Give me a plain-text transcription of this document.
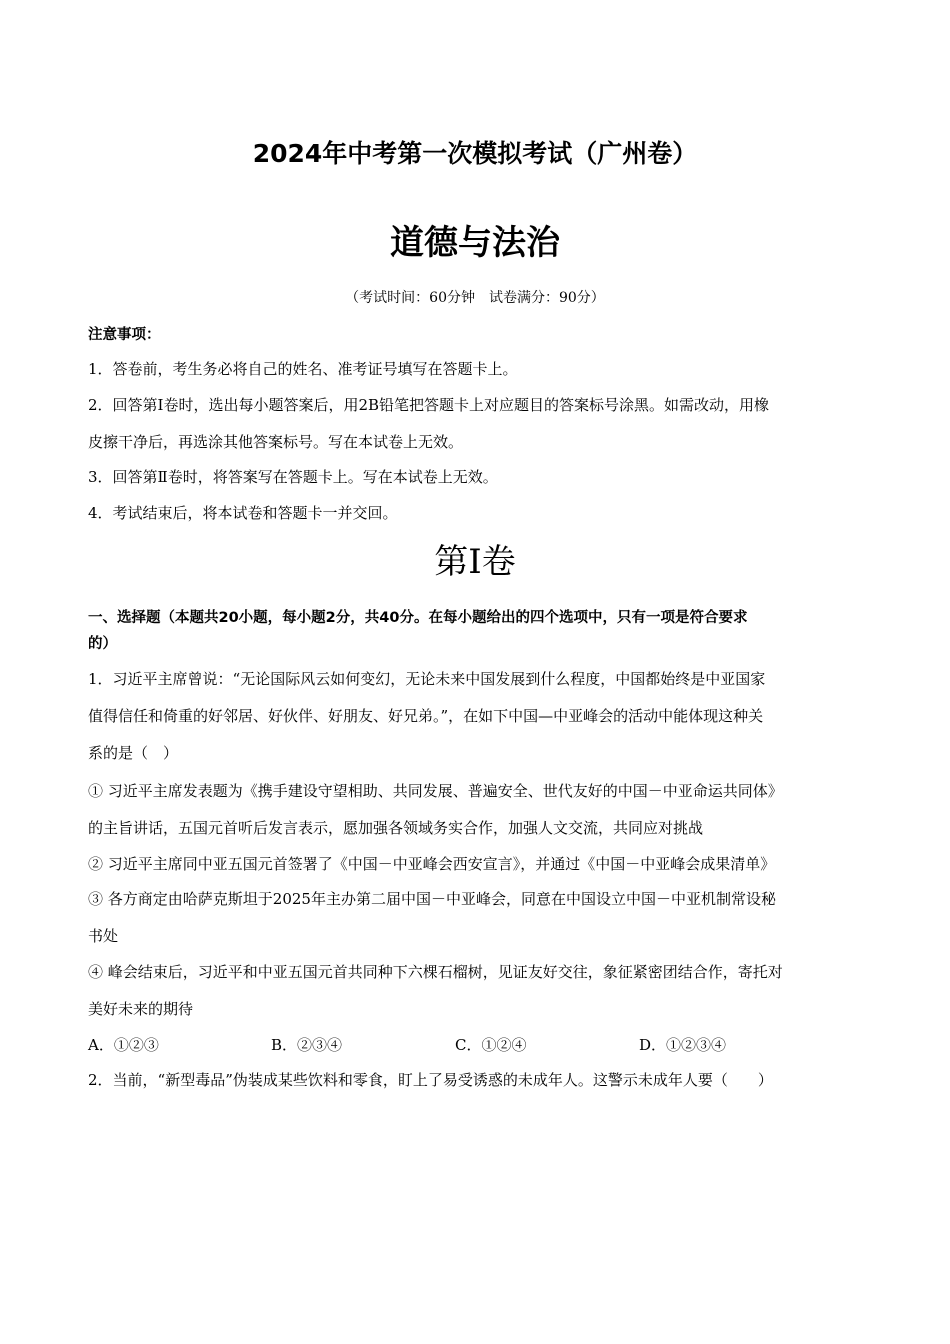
2024年中考第一次模拟考试（广州卷）
道德与法治
（考试时间：60分钟　试卷满分：90分）
注意事项：
1．答卷前，考生务必将自己的姓名、准考证号填写在答题卡上。
2．回答第Ⅰ卷时，选出每小题答案后，用2B铅笔把答题卡上对应题目的答案标号涂黑。如需改动，用橡
皮擦干净后，再选涂其他答案标号。写在本试卷上无效。
3．回答第Ⅱ卷时，将答案写在答题卡上。写在本试卷上无效。
4．考试结束后，将本试卷和答题卡一并交回。
第Ⅰ卷
一、选择题（本题共20小题，每小题2分，共40分。在每小题给出的四个选项中，只有一项是符合要求
的）
1．习近平主席曾说：“无论国际风云如何变幻，无论未来中国发展到什么程度，中国都始终是中亚国家
值得信任和倚重的好邻居、好伙伴、好朋友、好兄弟。”，在如下中国—中亚峰会的活动中能体现这种关
系的是（　）
① 习近平主席发表题为《携手建设守望相助、共同发展、普遍安全、世代友好的中国－中亚命运共同体》
的主旨讲话，五国元首听后发言表示，愿加强各领域务实合作，加强人文交流，共同应对挑战
② 习近平主席同中亚五国元首签署了《中国－中亚峰会西安宣言》，并通过《中国－中亚峰会成果清单》
③ 各方商定由哈萨克斯坦于2025年主办第二届中国－中亚峰会，同意在中国设立中国－中亚机制常设秘
书处
④ 峰会结束后，习近平和中亚五国元首共同种下六棵石榴树，见证友好交往，象征紧密团结合作，寄托对
美好未来的期待
A．①②③	B．②③④	C．①②④	D．①②③④
2．当前，“新型毒品”伪装成某些饮料和零食，盯上了易受诱惑的未成年人。这警示未成年人要（　　）
